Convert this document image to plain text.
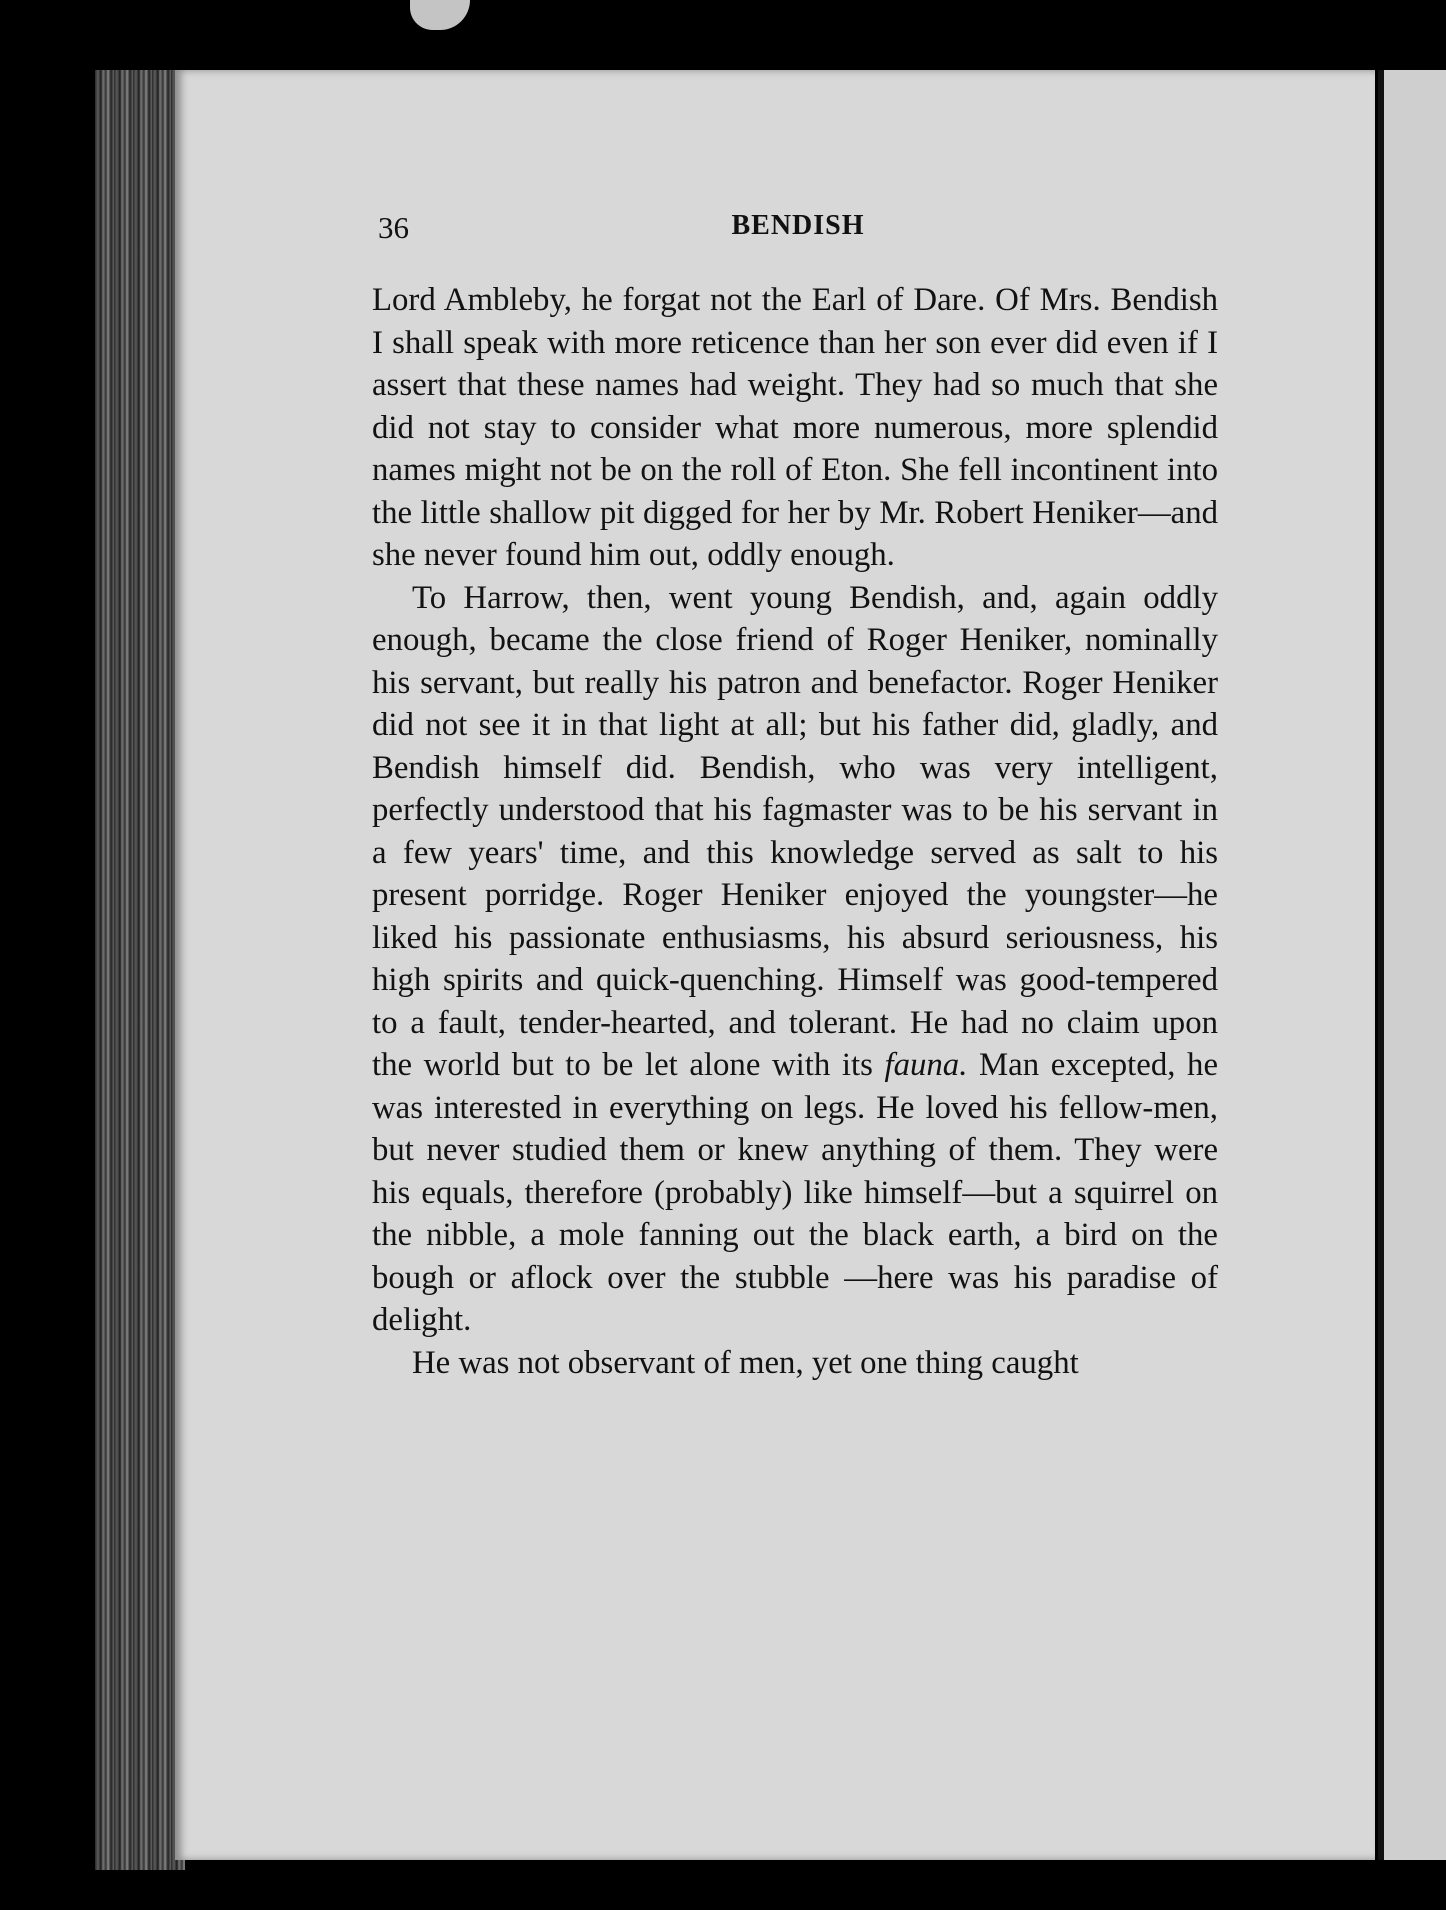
36	BENDISH

Lord Ambleby, he forgat not the Earl of Dare. Of Mrs. Bendish I shall speak with more reticence than her son ever did even if I assert that these names had weight. They had so much that she did not stay to consider what more numerous, more splendid names might not be on the roll of Eton. She fell incontinent into the little shallow pit digged for her by Mr. Robert Heniker—and she never found him out, oddly enough.

To Harrow, then, went young Bendish, and, again oddly enough, became the close friend of Roger Heniker, nominally his servant, but really his patron and benefactor. Roger Heniker did not see it in that light at all; but his father did, gladly, and Bendish himself did. Bendish, who was very intelligent, perfectly understood that his fagmaster was to be his servant in a few years' time, and this knowledge served as salt to his present porridge. Roger Heniker enjoyed the youngster—he liked his passionate enthusiasms, his absurd seriousness, his high spirits and quick-quenching. Himself was good-tempered to a fault, tender-hearted, and tolerant. He had no claim upon the world but to be let alone with its fauna. Man excepted, he was interested in everything on legs. He loved his fellow-men, but never studied them or knew anything of them. They were his equals, therefore (probably) like himself—but a squirrel on the nibble, a mole fanning out the black earth, a bird on the bough or aflock over the stubble —here was his paradise of delight.

He was not observant of men, yet one thing caught
